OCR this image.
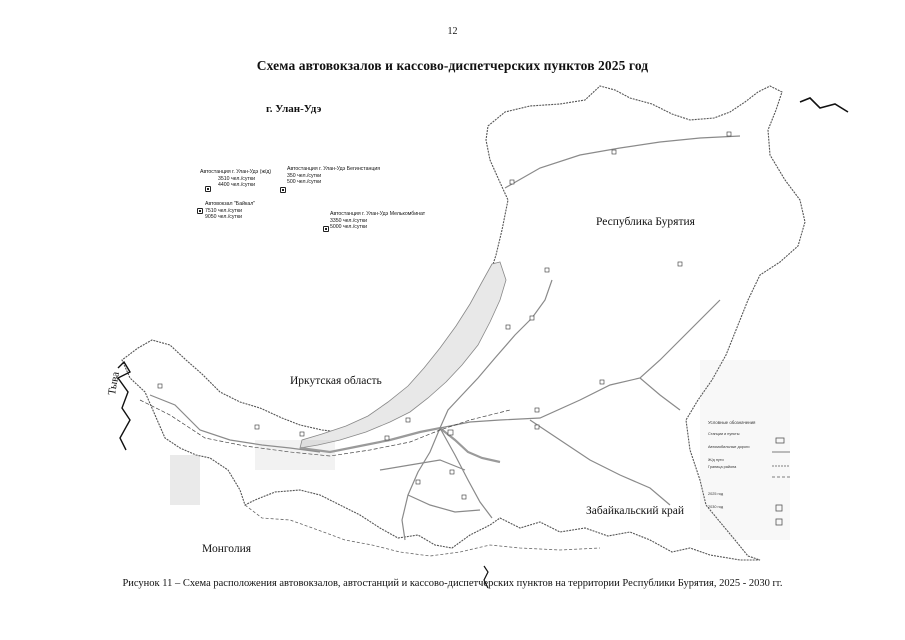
12
Схема автовокзалов и кассово-диспетчерских пунктов 2025 год
г. Улан-Удэ
Автостанция г. Улан-Удэ (ж/д)
3510 чел./сутки
4400 чел./сутки
Автостанция г. Улан-Удэ Бегинстанция
350 чел./сутки
500 чел./сутки
Автовокзал "Байкал"
7510 чел./сутки
9050 чел./сутки
Автостанция г. Улан-Удэ Мелькомбинат
3350 чел./сутки
5000 чел./сутки	Республика Бурятия
Иркутская область
Забайкальский край
Монголия
Тыва
Условные обозначения
Станции и пункты
Автомобильные дороги
Ж/д пути
Граница района
2025 год
2030 год
Рисунок 11 – Схема расположения автовокзалов, автостанций и кассово-диспетчерских пунктов на территории Республики Бурятия, 2025 - 2030 гг.
